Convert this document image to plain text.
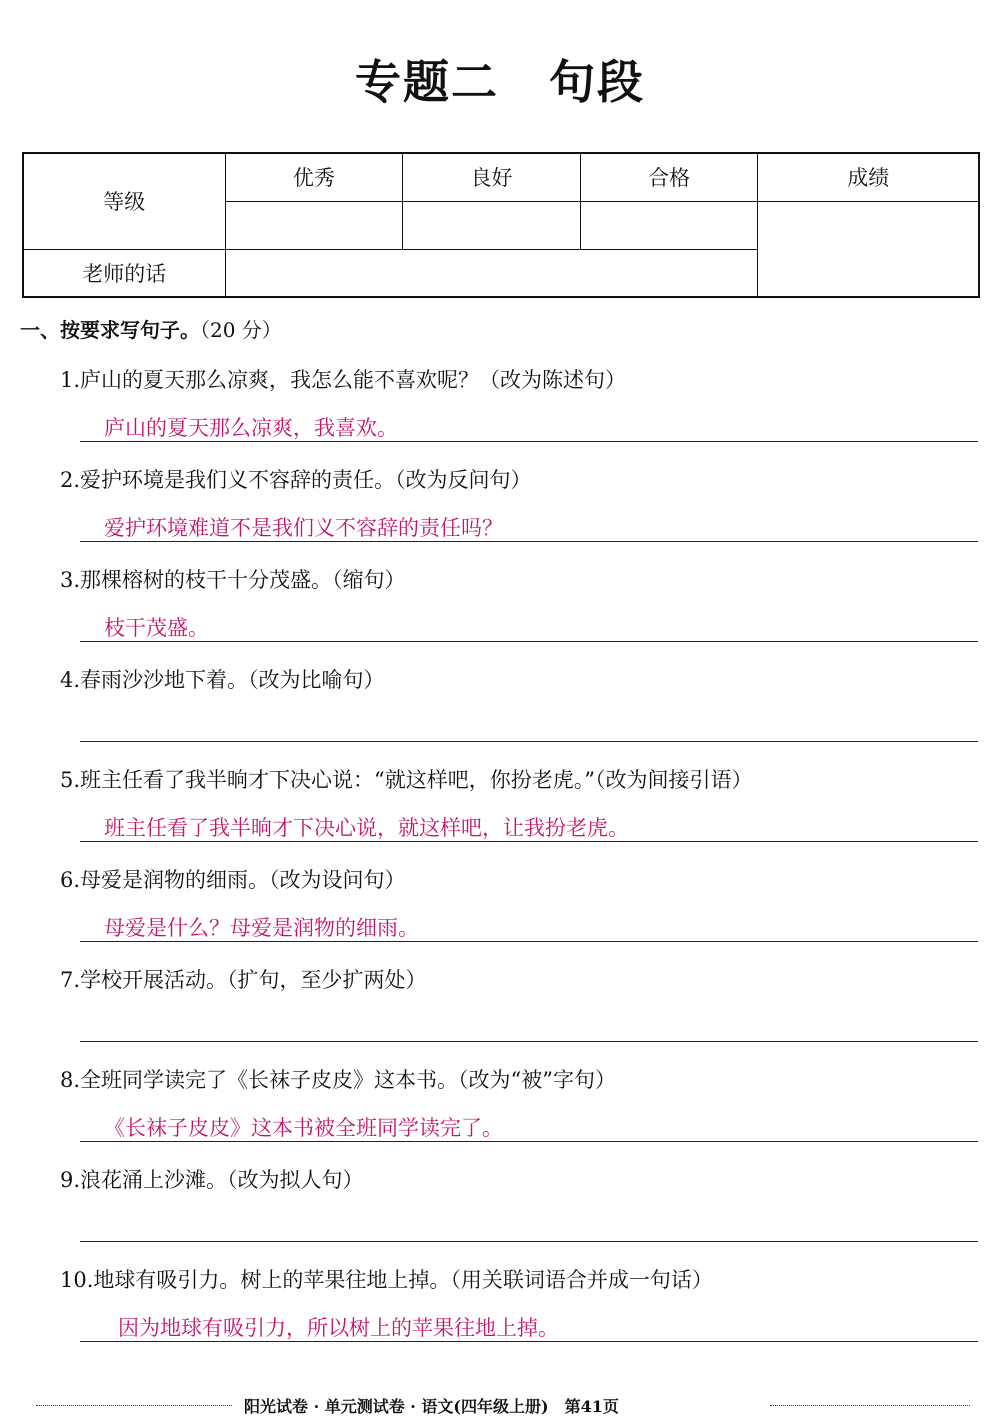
专题二 句段
等级	优秀	良好	合格	成绩

老师的话				
一、按要求写句子。（20 分）
1.庐山的夏天那么凉爽，我怎么能不喜欢呢？（改为陈述句）
庐山的夏天那么凉爽，我喜欢。
2.爱护环境是我们义不容辞的责任。（改为反问句）
爱护环境难道不是我们义不容辞的责任吗？
3.那棵榕树的枝干十分茂盛。（缩句）
枝干茂盛。
4.春雨沙沙地下着。（改为比喻句）
5.班主任看了我半晌才下决心说：“就这样吧，你扮老虎。”（改为间接引语）
班主任看了我半晌才下决心说，就这样吧，让我扮老虎。
6.母爱是润物的细雨。（改为设问句）
母爱是什么？母爱是润物的细雨。
7.学校开展活动。（扩句，至少扩两处）
8.全班同学读完了《长袜子皮皮》这本书。（改为“被”字句）
《长袜子皮皮》这本书被全班同学读完了。
9.浪花涌上沙滩。（改为拟人句）
10.地球有吸引力。树上的苹果往地上掉。（用关联词语合并成一句话）
因为地球有吸引力，所以树上的苹果往地上掉。
阳光试卷 · 单元测试卷 · 语文(四年级上册)　第41页
